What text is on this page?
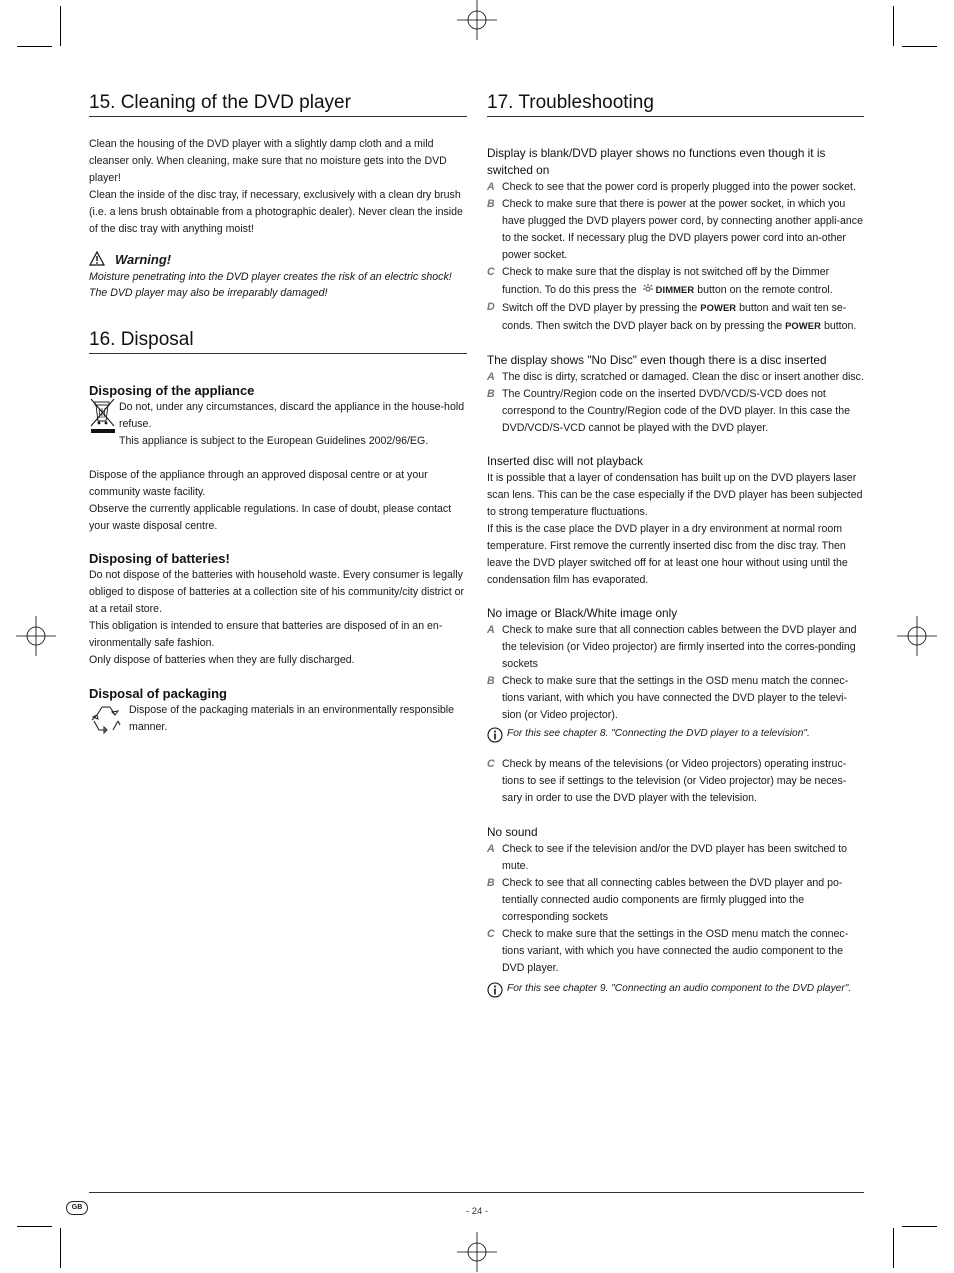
15. Cleaning of the DVD player

Clean the housing of the DVD player with a slightly damp cloth and a mild cleanser only. When cleaning, make sure that no moisture gets into the DVD player!

Clean the inside of the disc tray, if necessary, exclusively with a clean dry brush (i.e. a lens brush obtainable from a photographic dealer). Never clean the inside of the disc tray with anything moist!

Warning!

Moisture penetrating into the DVD player creates the risk of an electric shock! The DVD player may also be irreparably damaged!

16. Disposal
Disposing of the appliance

Do not, under any circumstances, discard the appliance in the house-hold refuse.

This appliance is subject to the European Guidelines 2002/96/EG.

Dispose of the appliance through an approved disposal centre or at your community waste facility.

Observe the currently applicable regulations. In case of doubt, please contact your waste disposal centre.

Disposing of batteries!

Do not dispose of the batteries with household waste. Every consumer is legally obliged to dispose of batteries at a collection site of his community/city district or at a retail store.

This obligation is intended to ensure that batteries are disposed of in an en-vironmentally safe fashion.

Only dispose of batteries when they are fully discharged.

Disposal of packaging

Dispose of the packaging materials in an environmentally responsible manner.

17. Troubleshooting
Display is blank/DVD player shows no functions even though it is switched on
A Check to see that the power cord is properly plugged into the power socket.
B Check to make sure that there is power at the power socket, in which you have plugged the DVD players power cord, by connecting another appli-ance to the socket. If necessary plug the DVD players power cord into an-other power socket.
C Check to make sure that the display is not switched off by the Dimmer function. To do this press the DIMMER button on the remote control.
D Switch off the DVD player by pressing the POWER button and wait ten se-conds. Then switch the DVD player back on by pressing the POWER button.
The display shows "No Disc" even though there is a disc inserted
A The disc is dirty, scratched or damaged. Clean the disc or insert another disc.
B The Country/Region code on the inserted DVD/VCD/S-VCD does not correspond to the Country/Region code of the DVD player. In this case the DVD/VCD/S-VCD cannot be played with the DVD player.
Inserted disc will not playback

It is possible that a layer of condensation has built up on the DVD players laser scan lens. This can be the case especially if the DVD player has been subjected to strong temperature fluctuations.

If this is the case place the DVD player in a dry environment at normal room temperature. First remove the currently inserted disc from the disc tray. Then leave the DVD player switched off for at least one hour without using until the condensation film has evaporated.

No image or Black/White image only
A Check to make sure that all connection cables between the DVD player and the television (or Video projector) are firmly inserted into the corres-ponding sockets
B Check to make sure that the settings in the OSD menu match the connec-tions variant, with which you have connected the DVD player to the televi-sion (or Video projector).
For this see chapter 8. "Connecting the DVD player to a television".
C Check by means of the televisions (or Video projectors) operating instruc-tions to see if settings to the television (or Video projector) may be neces-sary in order to use the DVD player with the television.
No sound
A Check to see if the television and/or the DVD player has been switched to mute.
B Check to see that all connecting cables between the DVD player and po-tentially connected audio components are firmly plugged into the corresponding sockets
C Check to make sure that the settings in the OSD menu match the connec-tions variant, with which you have connected the audio component to the DVD player.
For this see chapter 9. "Connecting an audio component to the DVD player".
GB	- 24 -
